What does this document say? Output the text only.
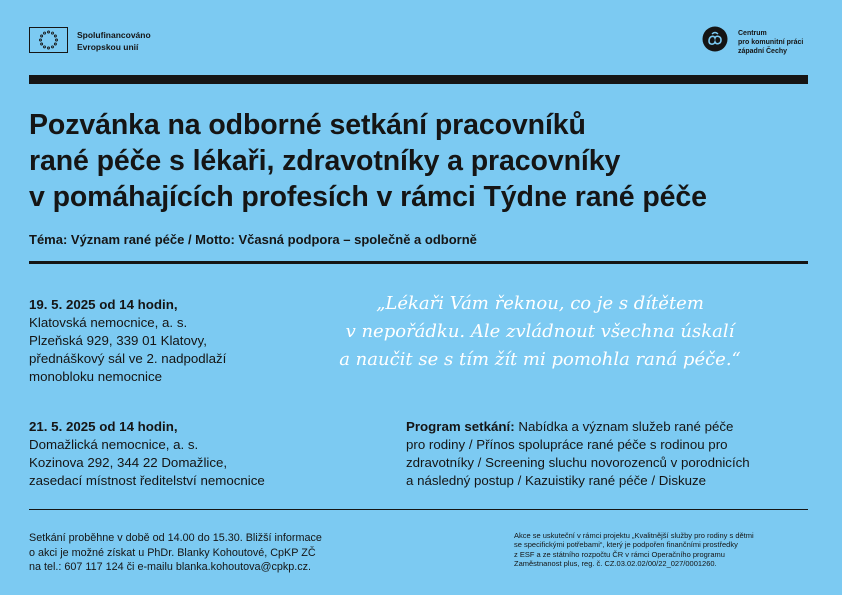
Spolufinancováno
Evropskou unií
Centrum
pro komunitní práci
západní Čechy
Pozvánka na odborné setkání pracovníků
rané péče s lékaři, zdravotníky a pracovníky
v pomáhajících profesích v rámci Týdne rané péče
Téma: Význam rané péče / Motto: Včasná podpora – společně a odborně
19. 5. 2025 od 14 hodin,
Klatovská nemocnice, a. s.
Plzeňská 929, 339 01 Klatovy,
přednáškový sál ve 2. nadpodlaží
monobloku nemocnice
„Lékaři Vám řeknou, co je s dítětem
v nepořádku. Ale zvládnout všechna úskalí
a naučit se s tím žít mi pomohla raná péče.“
21. 5. 2025 od 14 hodin,
Domažlická nemocnice, a. s.
Kozinova 292, 344 22 Domažlice,
zasedací místnost ředitelství nemocnice
Program setkání: Nabídka a význam služeb rané péče
pro rodiny / Přínos spolupráce rané péče s rodinou pro
zdravotníky / Screening sluchu novorozenců v porodnicích
a následný postup / Kazuistiky rané péče / Diskuze
Setkání proběhne v době od 14.00 do 15.30. Bližší informace
o akci je možné získat u PhDr. Blanky Kohoutové, CpKP ZČ
na tel.: 607 117 124 či e-mailu blanka.kohoutova@cpkp.cz.
Akce se uskuteční v rámci projektu „Kvalitnější služby pro rodiny s dětmi
se specifickými potřebami“, který je podpořen finančními prostředky
z ESF a ze státního rozpočtu ČR v rámci Operačního programu
Zaměstnanost plus, reg. č. CZ.03.02.02/00/22_027/0001260.
